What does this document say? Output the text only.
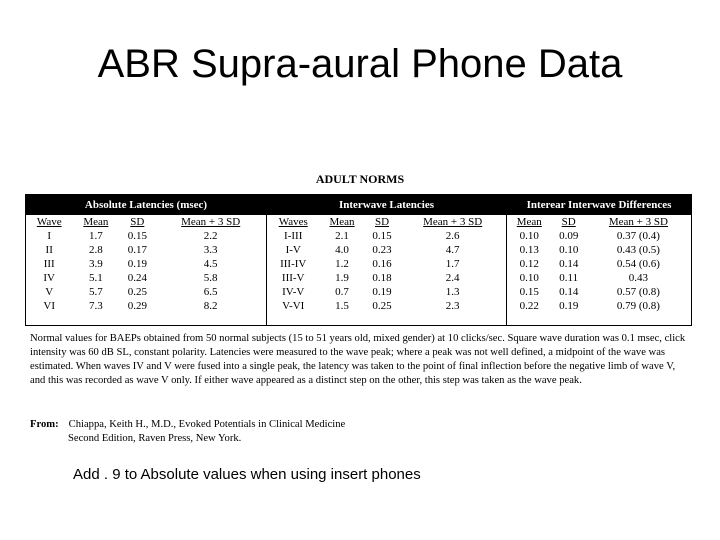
ABR Supra-aural Phone Data
ADULT NORMS
Absolute Latencies (msec)
Wave	Mean	SD	Mean + 3 SD
I	1.7	0.15	2.2
II	2.8	0.17	3.3
III	3.9	0.19	4.5
IV	5.1	0.24	5.8
V	5.7	0.25	6.5
VI	7.3	0.29	8.2
Interwave Latencies
Waves	Mean	SD	Mean + 3 SD
I-III	2.1	0.15	2.6
I-V	4.0	0.23	4.7
III-IV	1.2	0.16	1.7
III-V	1.9	0.18	2.4
IV-V	0.7	0.19	1.3
V-VI	1.5	0.25	2.3
Interear Interwave Differences
Mean	SD	Mean + 3 SD
0.10	0.09	0.37 (0.4)
0.13	0.10	0.43 (0.5)
0.12	0.14	0.54 (0.6)
0.10	0.11	0.43
0.15	0.14	0.57 (0.8)
0.22	0.19	0.79 (0.8)
Normal values for BAEPs obtained from 50 normal subjects (15 to 51 years old, mixed gender) at 10 clicks/sec. Square wave duration was 0.1 msec, click intensity was 60 dB SL, constant polarity. Latencies were measured to the wave peak; where a peak was not well defined, a midpoint of the wave was estimated. When waves IV and V were fused into a single peak, the latency was taken to the point of final inflection before the negative limb of wave V, and this was recorded as wave V only. If either wave appeared as a distinct step on the other, this step was taken as the wave peak.
From: Chiappa, Keith H., M.D., Evoked Potentials in Clinical Medicine
Second Edition, Raven Press, New York.
Add . 9 to Absolute values when using insert phones
